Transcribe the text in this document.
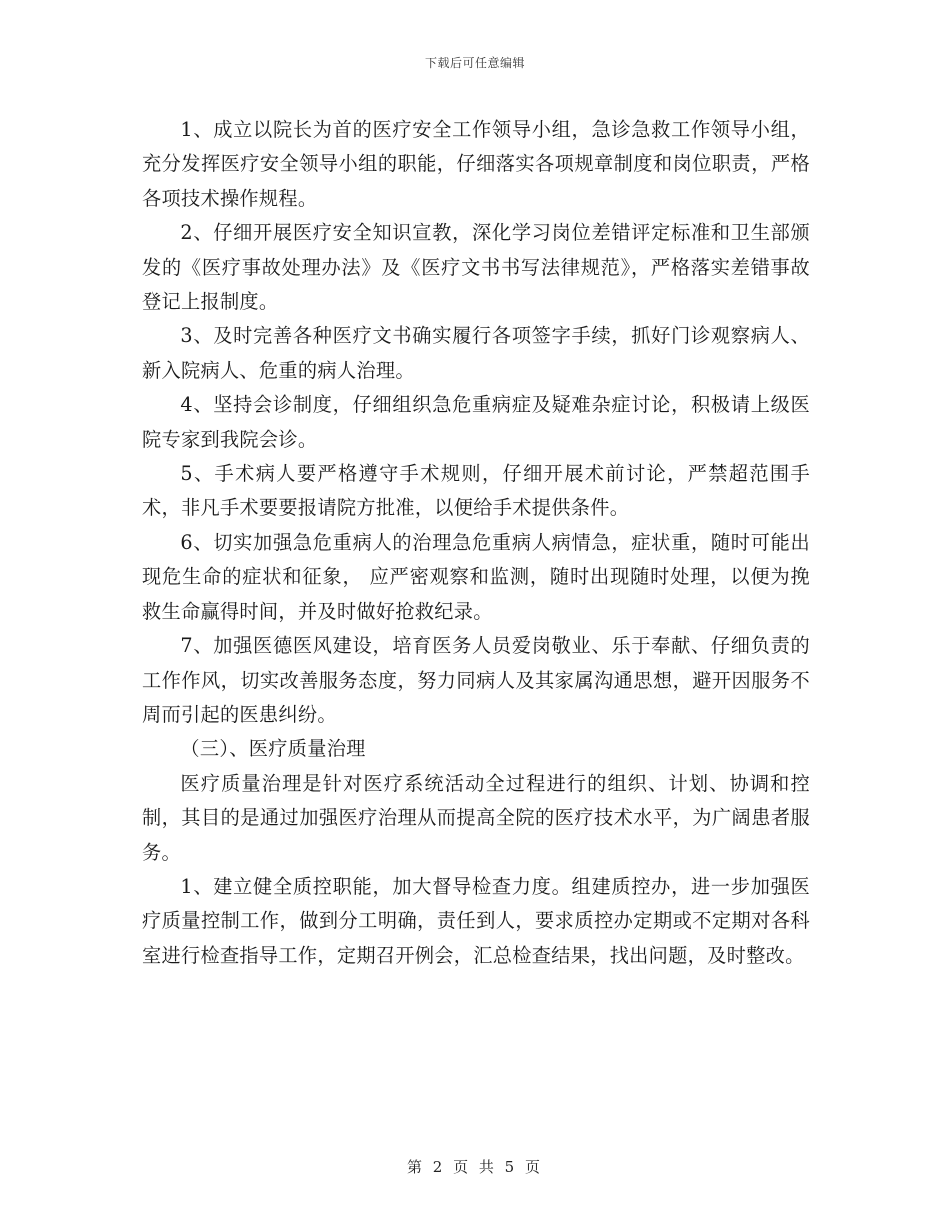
下载后可任意编辑

1、成立以院长为首的医疗安全工作领导小组，急诊急救工作领导小组，充分发挥医疗安全领导小组的职能，仔细落实各项规章制度和岗位职责，严格各项技术操作规程。

2、仔细开展医疗安全知识宣教，深化学习岗位差错评定标准和卫生部颁发的《医疗事故处理办法》及《医疗文书书写法律规范》，严格落实差错事故登记上报制度。

3、及时完善各种医疗文书确实履行各项签字手续，抓好门诊观察病人、新入院病人、危重的病人治理。

4、坚持会诊制度，仔细组织急危重病症及疑难杂症讨论，积极请上级医院专家到我院会诊。

5、手术病人要严格遵守手术规则，仔细开展术前讨论，严禁超范围手术，非凡手术要要报请院方批准，以便给手术提供条件。

6、切实加强急危重病人的治理急危重病人病情急，症状重，随时可能出现危生命的症状和征象， 应严密观察和监测，随时出现随时处理，以便为挽救生命赢得时间，并及时做好抢救纪录。

7、加强医德医风建设，培育医务人员爱岗敬业、乐于奉献、仔细负责的工作作风，切实改善服务态度，努力同病人及其家属沟通思想，避开因服务不周而引起的医患纠纷。

（三）、医疗质量治理

医疗质量治理是针对医疗系统活动全过程进行的组织、计划、协调和控制，其目的是通过加强医疗治理从而提高全院的医疗技术水平，为广阔患者服务。

1、建立健全质控职能，加大督导检查力度。组建质控办，进一步加强医疗质量控制工作，做到分工明确，责任到人，要求质控办定期或不定期对各科室进行检查指导工作，定期召开例会，汇总检查结果，找出问题，及时整改。

第 2 页 共 5 页
